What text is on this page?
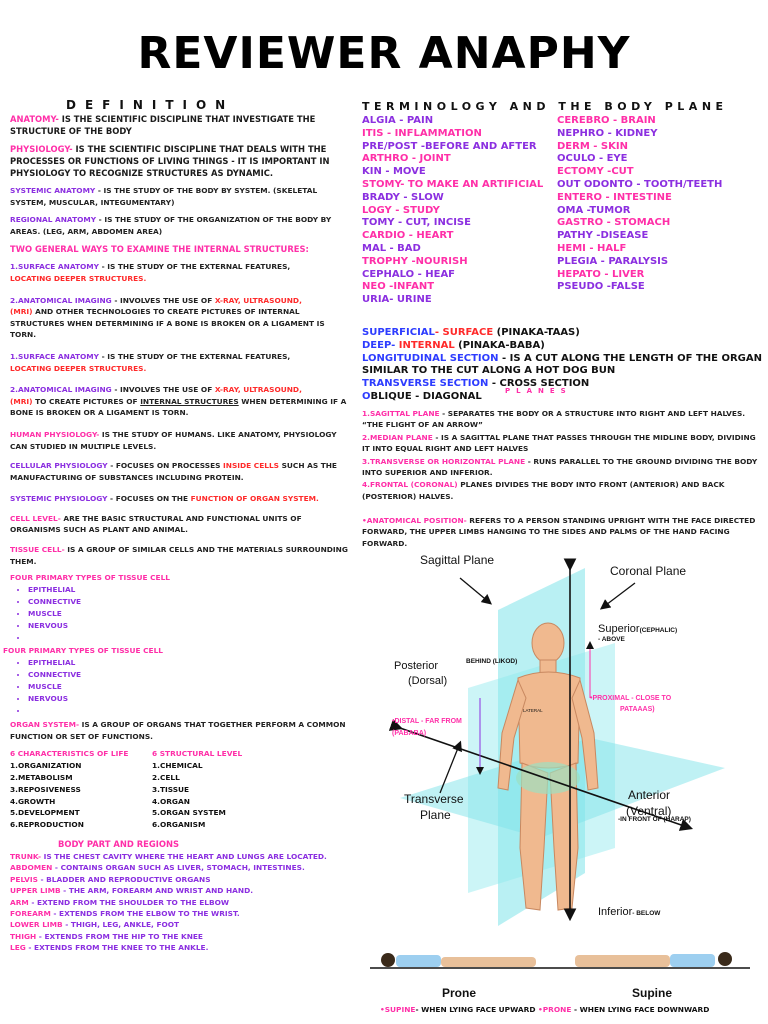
REVIEWER ANAPHY
DEFINITION	TERMINOLOGY AND THE BODY PLANE

ANATOMY- IS THE SCIENTIFIC DISCIPLINE THAT INVESTIGATE THE STRUCTURE OF THE BODY

PHYSIOLOGY- IS THE SCIENTIFIC DISCIPLINE THAT DEALS WITH THE PROCESSES OR FUNCTIONS OF LIVING THINGS - IT IS IMPORTANT IN PHYSIOLOGY TO RECOGNIZE STRUCTURES AS DYNAMIC.

SYSTEMIC ANATOMY - IS THE STUDY OF THE BODY BY SYSTEM. (SKELETAL SYSTEM, MUSCULAR, INTEGUMENTARY)

REGIONAL ANATOMY - IS THE STUDY OF THE ORGANIZATION OF THE BODY BY AREAS. (LEG, ARM, ABDOMEN AREA)

TWO GENERAL WAYS TO EXAMINE THE INTERNAL STRUCTURES:

1.SURFACE ANATOMY - IS THE STUDY OF THE EXTERNAL FEATURES,
LOCATING DEEPER STRUCTURES.

2.ANATOMICAL IMAGING - INVOLVES THE USE OF X-RAY, ULTRASOUND,
(MRI) AND OTHER TECHNOLOGIES TO CREATE PICTURES OF INTERNAL STRUCTURES WHEN DETERMINING IF A BONE IS BROKEN OR A LIGAMENT IS TORN.

1.SURFACE ANATOMY - IS THE STUDY OF THE EXTERNAL FEATURES,
LOCATING DEEPER STRUCTURES.

2.ANATOMICAL IMAGING - INVOLVES THE USE OF X-RAY, ULTRASOUND,
(MRI) TO CREATE PICTURES OF INTERNAL STRUCTURES WHEN DETERMINING IF A BONE IS BROKEN OR A LIGAMENT IS TORN.

HUMAN PHYSIOLOGY- IS THE STUDY OF HUMANS. LIKE ANATOMY, PHYSIOLOGY CAN STUDIED IN MULTIPLE LEVELS.

CELLULAR PHYSIOLOGY - FOCUSES ON PROCESSES INSIDE CELLS SUCH AS THE MANUFACTURING OF SUBSTANCES INCLUDING PROTEIN.

SYSTEMIC PHYSIOLOGY - FOCUSES ON THE FUNCTION OF ORGAN SYSTEM.

CELL LEVEL- ARE THE BASIC STRUCTURAL AND FUNCTIONAL UNITS OF ORGANISMS SUCH AS PLANT AND ANIMAL.

TISSUE CELL- IS A GROUP OF SIMILAR CELLS AND THE MATERIALS SURROUNDING THEM.

FOUR PRIMARY TYPES OF TISSUE CELL

• EPITHELIAL
• CONNECTIVE
• MUSCLE
• NERVOUS
•

FOUR PRIMARY TYPES OF TISSUE CELL

• EPITHELIAL
• CONNECTIVE
• MUSCLE
• NERVOUS
•

ORGAN SYSTEM- IS A GROUP OF ORGANS THAT TOGETHER PERFORM A COMMON FUNCTION OR SET OF FUNCTIONS.

6 CHARACTERISTICS OF LIFE
1.ORGANIZATION
2.METABOLISM
3.REPOSIVENESS
4.GROWTH
5.DEVELOPMENT
6.REPRODUCTION
6 STRUCTURAL LEVEL
1.CHEMICAL
2.CELL
3.TISSUE
4.ORGAN
5.ORGAN SYSTEM
6.ORGANISM

BODY PART AND REGIONS

TRUNK- IS THE CHEST CAVITY WHERE THE HEART AND LUNGS ARE LOCATED.

ABDOMEN - CONTAINS ORGAN SUCH AS LIVER, STOMACH, INTESTINES.

PELVIS - BLADDER AND REPRODUCTIVE ORGANS

UPPER LIMB - THE ARM, FOREARM AND WRIST AND HAND.

ARM - EXTEND FROM THE SHOULDER TO THE ELBOW

FOREARM - EXTENDS FROM THE ELBOW TO THE WRIST.

LOWER LIMB - THIGH, LEG, ANKLE, FOOT

THIGH - EXTENDS FROM THE HIP TO THE KNEE

LEG - EXTENDS FROM THE KNEE TO THE ANKLE.

ALGIA - PAIN
ITIS - INFLAMMATION
PRE/POST -BEFORE AND AFTER
ARTHRO - JOINT
KIN - MOVE
STOMY- TO MAKE AN ARTIFICIAL
BRADY - SLOW
LOGY - STUDY
TOMY - CUT, INCISE
CARDIO - HEART
MAL - BAD
TROPHY -NOURISH
CEPHALO - HEAF
NEO -INFANT
URIA- URINE
CEREBRO - BRAIN
NEPHRO - KIDNEY
DERM - SKIN
OCULO - EYE
ECTOMY -CUT
OUT ODONTO - TOOTH/TEETH
ENTERO - INTESTINE
OMA -TUMOR
GASTRO - STOMACH
PATHY -DISEASE
HEMI - HALF
PLEGIA - PARALYSIS
HEPATO - LIVER
PSEUDO -FALSE

SUPERFICIAL- SURFACE (PINAKA-TAAS)

DEEP- INTERNAL (PINAKA-BABA)

LONGITUDINAL SECTION - IS A CUT ALONG THE LENGTH OF THE ORGAN SIMILAR TO THE CUT ALONG A HOT DOG BUN

TRANSVERSE SECTION - CROSS SECTION

OBLIQUE - DIAGONAL	PLANES

1.SAGITTAL PLANE - SEPARATES THE BODY OR A STRUCTURE INTO RIGHT AND LEFT HALVES. “THE FLIGHT OF AN ARROW”

2.MEDIAN PLANE - IS A SAGITTAL PLANE THAT PASSES THROUGH THE MIDLINE BODY, DIVIDING IT INTO EQUAL RIGHT AND LEFT HALVES

3.TRANSVERSE OR HORIZONTAL PLANE - RUNS PARALLEL TO THE GROUND DIVIDING THE BODY INTO SUPERIOR AND INFERIOR.

4.FRONTAL (CORONAL) PLANES DIVIDES THE BODY INTO FRONT (ANTERIOR) AND BACK (POSTERIOR) HALVES.

•ANATOMICAL POSITION- REFERS TO A PERSON STANDING UPRIGHT WITH THE FACE DIRECTED FORWARD, THE UPPER LIMBS HANGING TO THE SIDES AND PALMS OF THE HAND FACING FORWARD.

Sagittal Plane
Coronal Plane
Superior(CEPHALIC)
- ABOVE
Posterior
(Dorsal)
BEHIND (LIKOD)
•PROXIMAL - CLOSE TO
PATAAAS)
LATERAL
•DISTAL - FAR FROM
(PABABA)
Transverse
Plane
Anterior
(Ventral)
-IN FRONT OF (HARAP)
Inferior- BELOW
Prone	Supine
•SUPINE- WHEN LYING FACE UPWARD •PRONE - WHEN LYING FACE DOWNWARD
